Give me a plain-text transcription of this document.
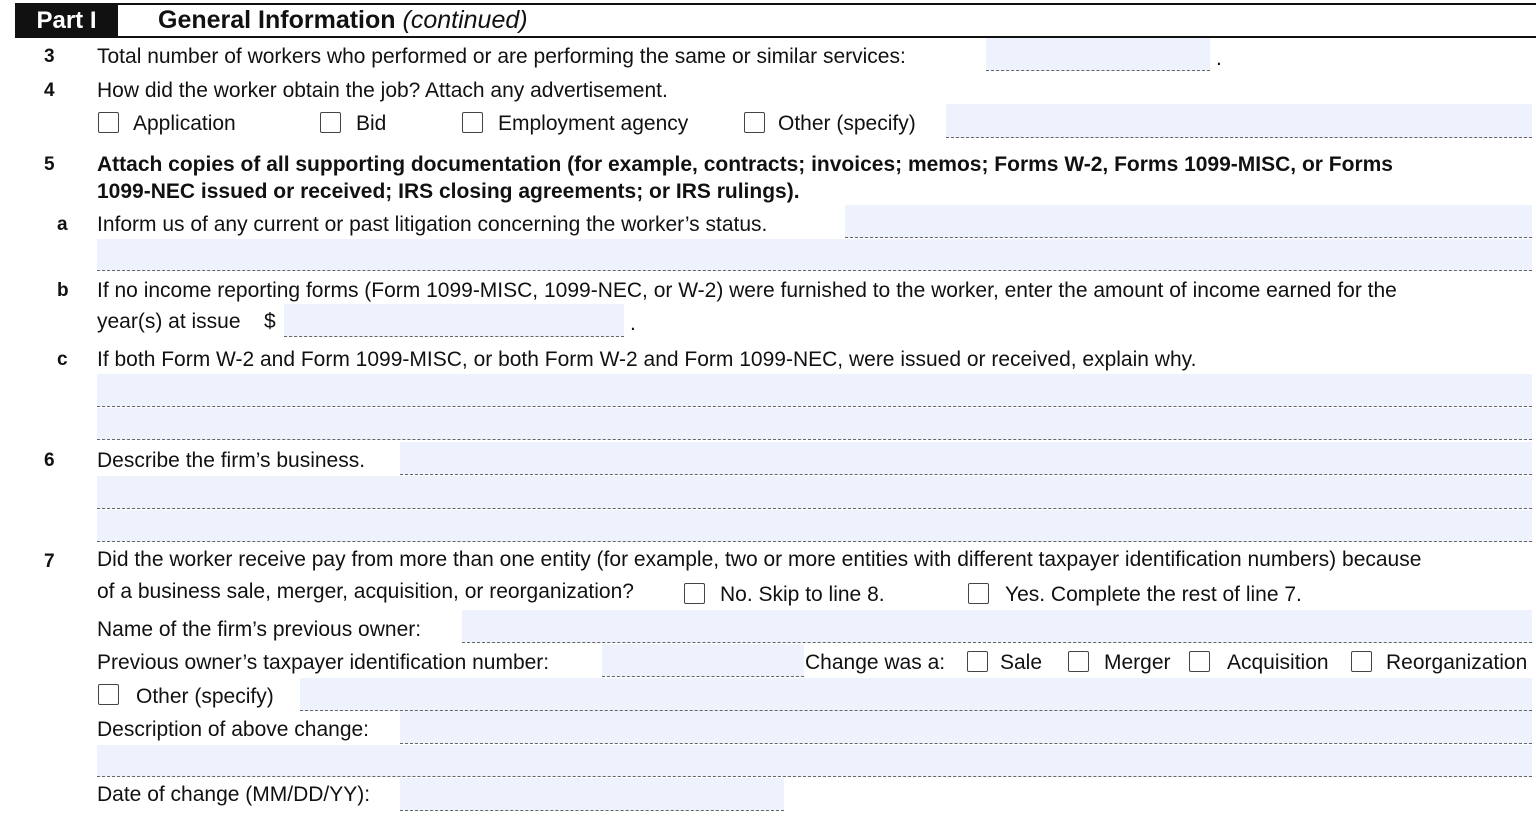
Part I	General Information (continued)
3 Total number of workers who performed or are performing the same or similar services:	.
4 How did the worker obtain the job? Attach any advertisement.
Application	Bid	Employment agency	Other (specify)
5 Attach copies of all supporting documentation (for example, contracts; invoices; memos; Forms W-2, Forms 1099-MISC, or Forms
1099-NEC issued or received; IRS closing agreements; or IRS rulings).
a Inform us of any current or past litigation concerning the worker’s status.
b If no income reporting forms (Form 1099-MISC, 1099-NEC, or W-2) were furnished to the worker, enter the amount of income earned for the
year(s) at issue $	.
c If both Form W-2 and Form 1099-MISC, or both Form W-2 and Form 1099-NEC, were issued or received, explain why.
6 Describe the firm’s business.
7 Did the worker receive pay from more than one entity (for example, two or more entities with different taxpayer identification numbers) because
of a business sale, merger, acquisition, or reorganization?	No. Skip to line 8.	Yes. Complete the rest of line 7.
Name of the firm’s previous owner:
Previous owner’s taxpayer identification number:	Change was a:	Sale	Merger	Acquisition	Reorganization
Other (specify)
Description of above change:
Date of change (MM/DD/YY):
